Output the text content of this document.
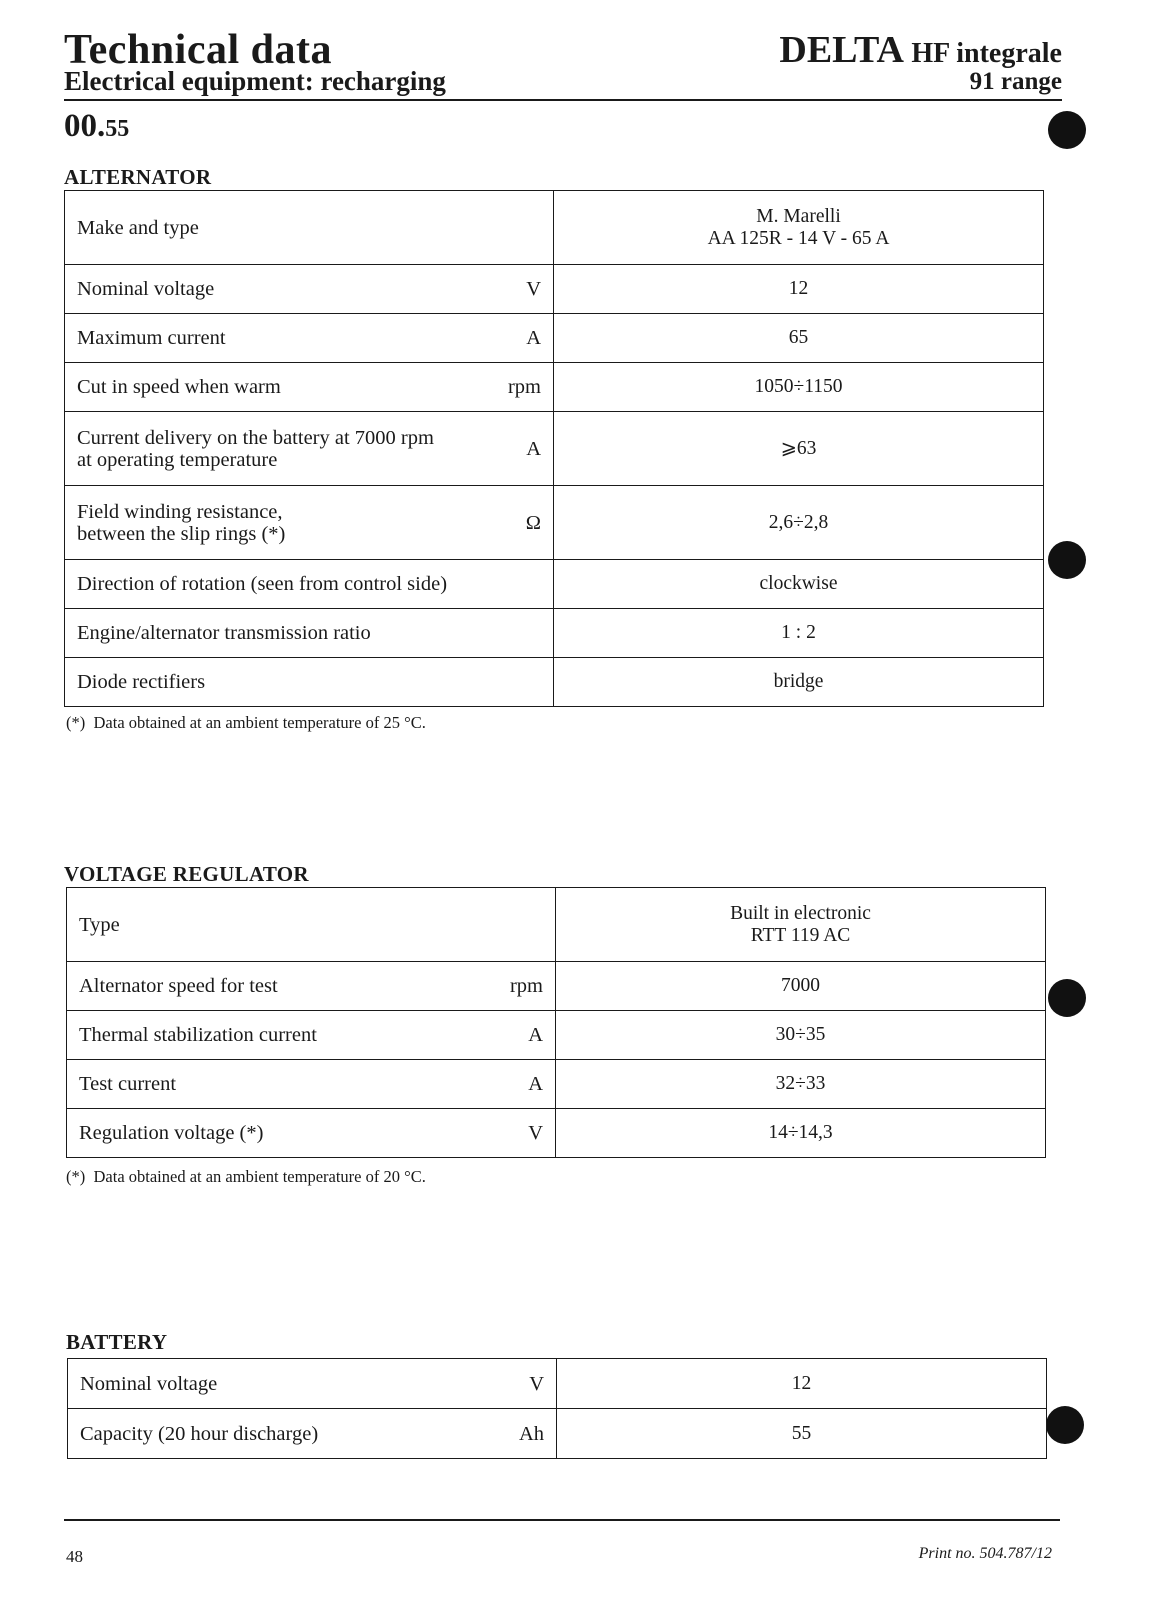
Technical data
Electrical equipment: recharging
DELTA HF integrale
91 range
00.55
ALTERNATOR
Make and type		M. Marelli
AA 125R - 14 V - 65 A
Nominal voltage	V	12
Maximum current	A	65
Cut in speed when warm	rpm	1050÷1150
Current delivery on the battery at 7000 rpm
at operating temperature	A	⩾63
Field winding resistance,
between the slip rings (*)	Ω	2,6÷2,8
Direction of rotation (seen from control side)		clockwise
Engine/alternator transmission ratio		1 : 2
Diode rectifiers		bridge
(*)  Data obtained at an ambient temperature of 25 °C.
VOLTAGE REGULATOR
Type		Built in electronic
RTT 119 AC
Alternator speed for test	rpm	7000
Thermal stabilization current	A	30÷35
Test current	A	32÷33
Regulation voltage (*)	V	14÷14,3
(*)  Data obtained at an ambient temperature of 20 °C.
BATTERY
Nominal voltage	V	12
Capacity (20 hour discharge)	Ah	55
48	Print no. 504.787/12
